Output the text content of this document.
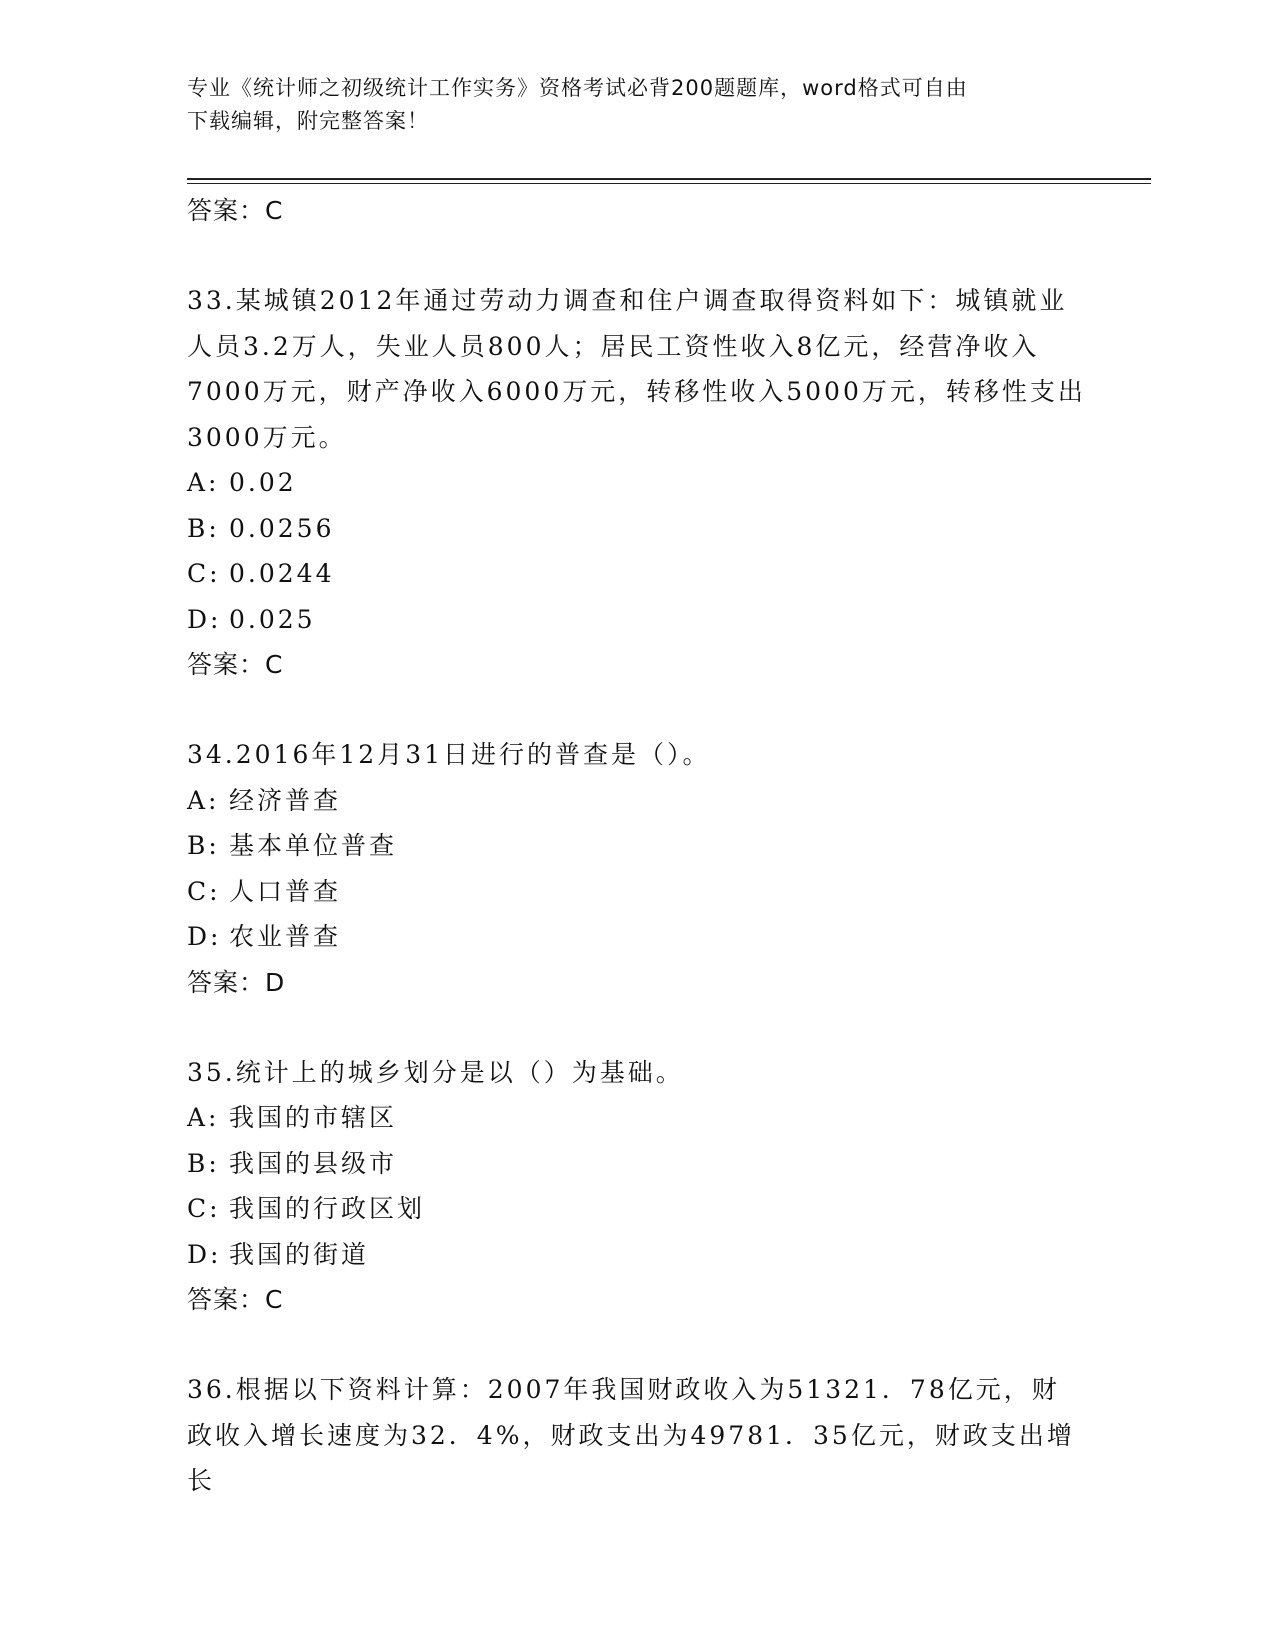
专业《统计师之初级统计工作实务》资格考试必背200题题库，word格式可自由
下载编辑，附完整答案！
答案：C

33.某城镇2012年通过劳动力调查和住户调查取得资料如下：城镇就业人员3.2万人，失业人员800人；居民工资性收入8亿元，经营净收入7000万元，财产净收入6000万元，转移性收入5000万元，转移性支出3000万元。

A: 0.02
B: 0.0256
C: 0.0244
D: 0.025
答案：C

34.2016年12月31日进行的普查是（）。

A: 经济普查
B: 基本单位普查
C: 人口普查
D: 农业普查
答案：D

35.统计上的城乡划分是以（）为基础。

A: 我国的市辖区
B: 我国的县级市
C: 我国的行政区划
D: 我国的街道
答案：C

36.根据以下资料计算：2007年我国财政收入为51321．78亿元，财政收入增长速度为32．4%，财政支出为49781．35亿元，财政支出增长
